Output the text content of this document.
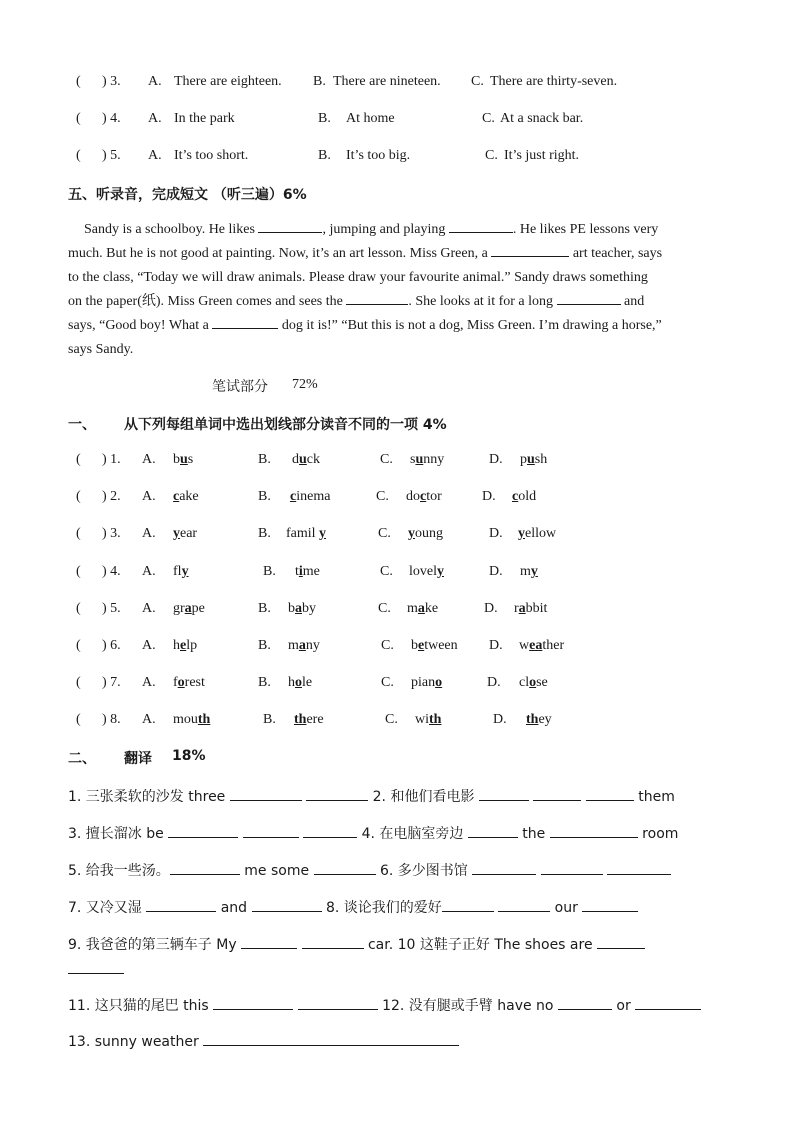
( ) 3. A. There are eighteen. B. There are nineteen. C. There are thirty-seven.
( ) 4. A. In the park	B. At home	C. At a snack bar.
( ) 5. A. It’s too short.	B. It’s too big.	C. It’s just right.
五、听录音，完成短文 （听三遍）6%

Sandy is a schoolboy. He likes	, jumping and playing	. He likes PE lessons very

much. But he is not good at painting. Now, it’s an art lesson. Miss Green, a	art teacher, says

to the class, “Today we will draw animals. Please draw your favourite animal.” Sandy draws something

on the paper(纸). Miss Green comes and sees the	. She looks at it for a long	and

says, “Good boy! What a	dog it is!” “But this is not a dog, Miss Green. I’m drawing a horse,”

says Sandy.

笔试部分 72%
一、 从下列每组单词中选出划线部分读音不同的一项 4%
( ) 1. A. bus	B. duck	C. sunny	D. push
( ) 2. A. cake	B. cinema	C. doctor	D. cold
( ) 3. A. year	B. famil y	C. young	D. yellow
( ) 4. A. fly	B. time	C. lovely	D. my
( ) 5. A. grape	B. baby	C. make	D. rabbit
( ) 6. A. help	B. many	C. between D. weather
( ) 7. A. forest	B. hole	C. piano	D. close
( ) 8. A. mouth	B. there	C. with	D. they
二、 翻译 18%
1. 三张柔软的沙发 three	2. 和他们看电影	them
3. 擅长溜冰 be	4. 在电脑室旁边	the	room
5. 给我一些汤。	me some	6. 多少图书馆
7. 又冷又湿	and	8. 谈论我们的爱好	our
9. 我爸爸的第三辆车子 My	car. 10 这鞋子正好 The shoes are
11. 这只猫的尾巴 this	12. 没有腿或手臂 have no	or
13. sunny weather
